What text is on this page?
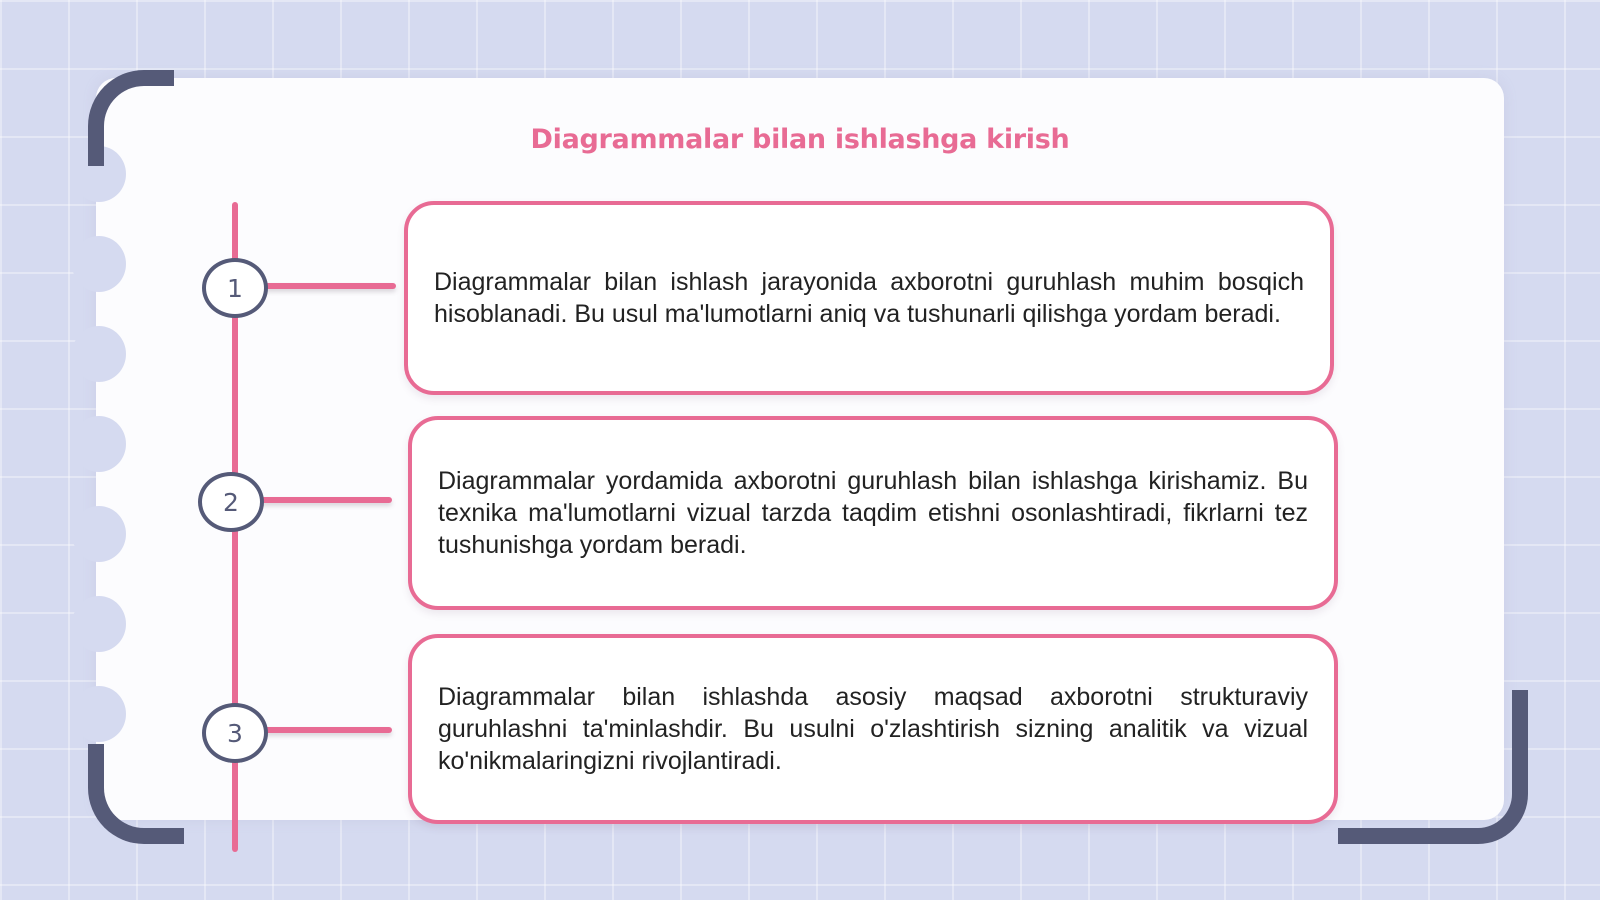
Diagrammalar bilan ishlashga kirish
1
2
3
Diagrammalar bilan ishlash jarayonida axborotni guruhlash muhim bosqich hisoblanadi. Bu usul ma'lumotlarni aniq va tushunarli qilishga yordam beradi.
Diagrammalar yordamida axborotni guruhlash bilan ishlashga kirishamiz. Bu texnika ma'lumotlarni vizual tarzda taqdim etishni osonlashtiradi, fikrlarni tez tushunishga yordam beradi.
Diagrammalar bilan ishlashda asosiy maqsad axborotni strukturaviy guruhlashni ta'minlashdir. Bu usulni o'zlashtirish sizning analitik va vizual ko'nikmalaringizni rivojlantiradi.
